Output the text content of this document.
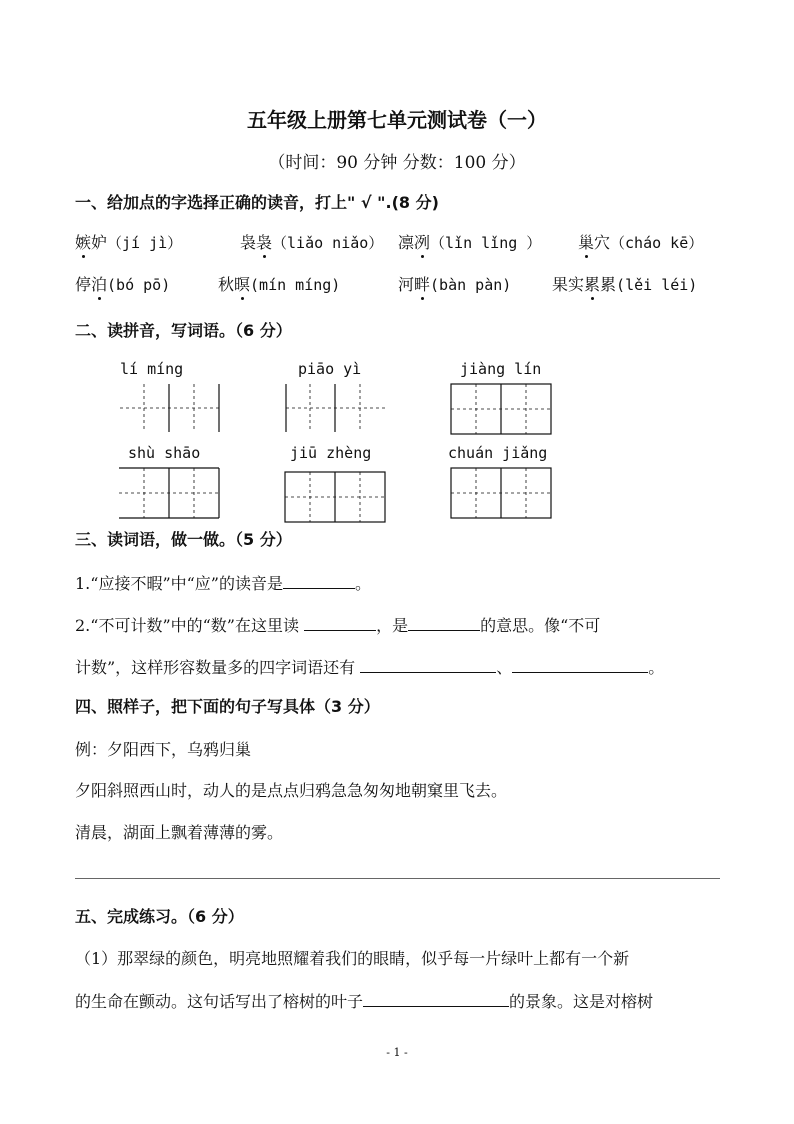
五年级上册第七单元测试卷（一）
（时间：90 分钟 分数：100 分）
一、给加点的字选择正确的读音，打上" √ ".(8 分)
嫉妒（jí jì）	袅袅（liǎo niǎo） 凛冽（lǐn lǐng ） 巢穴（cháo kē）
停泊(bó pō)	秋暝(mín míng)	河畔(bàn pàn)	果实累累(lěi léi)
二、读拼音，写词语。（6 分）
lí míng	piāo yì	jiàng lín
shù shāo	jiū zhèng	chuán jiǎng
三、读词语，做一做。（5 分）
1.“应接不暇”中“应”的读音是	。
2.“不可计数”中的“数”在这里读	，是	的意思。像“不可
计数”，这样形容数量多的四字词语还有	、	。
四、照样子，把下面的句子写具体（3 分）
例：夕阳西下，乌鸦归巢
夕阳斜照西山时，动人的是点点归鸦急急匆匆地朝窠里飞去。
清晨，湖面上飘着薄薄的雾。
五、完成练习。（6 分）
（1）那翠绿的颜色，明亮地照耀着我们的眼睛，似乎每一片绿叶上都有一个新
的生命在颤动。这句话写出了榕树的叶子	的景象。这是对榕树
- 1 -
